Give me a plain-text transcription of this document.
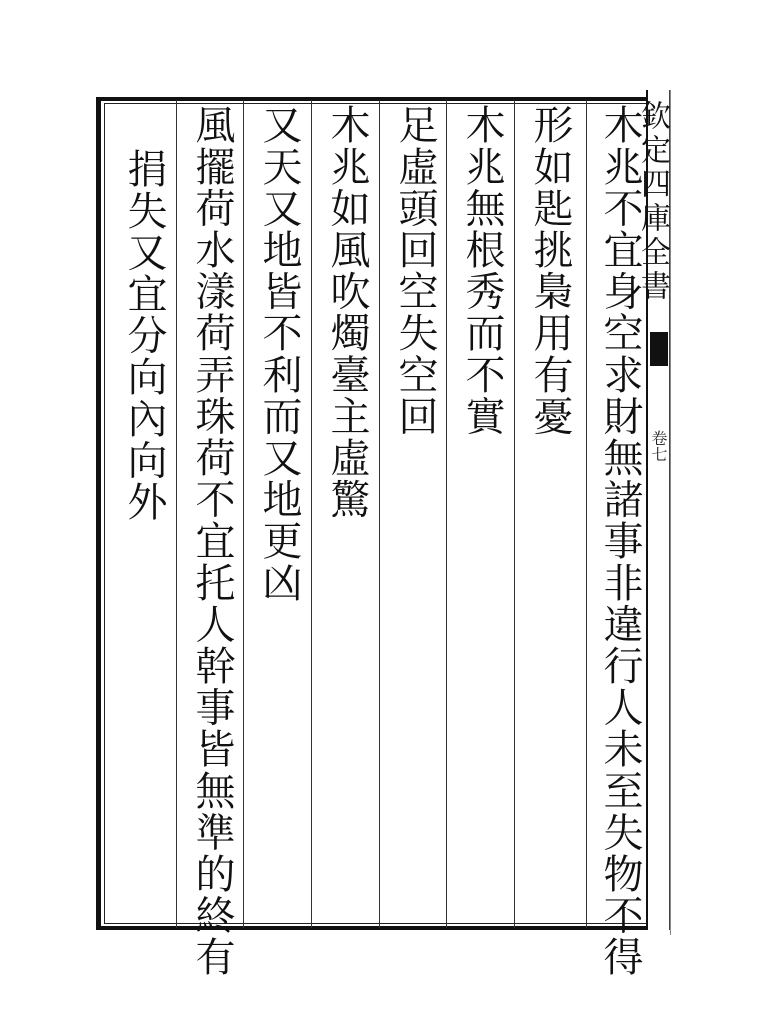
欽定四庫全書
卷七
木兆不宜身空求財無諸事非違行人未至失物不得
形如匙挑梟用有憂
木兆無根秀而不實
足虛頭回空失空回
木兆如風吹燭臺主虛驚
又天又地皆不利而又地更凶
風擺荷水漾荷弄珠荷不宜托人幹事皆無準的終有
捐失又宜分向內向外
